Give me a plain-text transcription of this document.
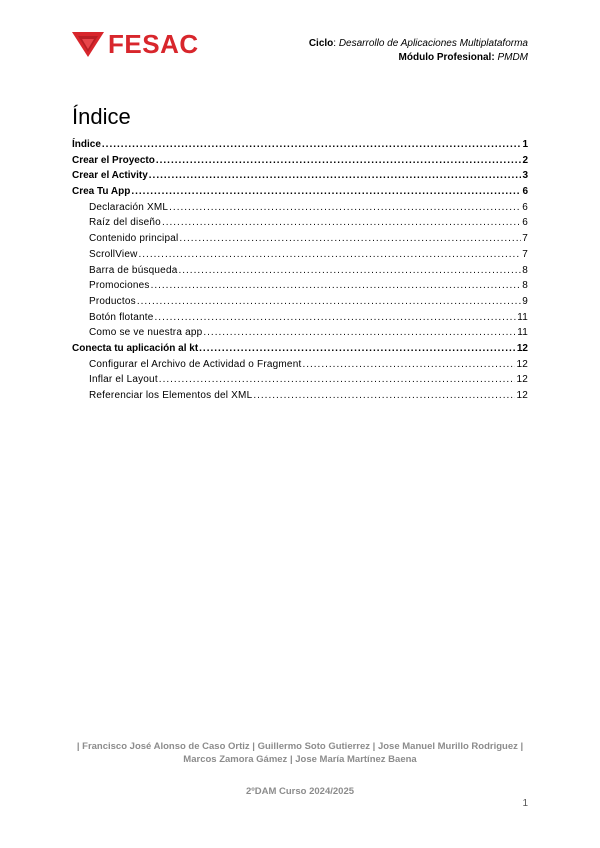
FESAC	Ciclo: Desarrollo de Aplicaciones Multiplataforma
Módulo Profesional: PMDM
Índice
Índice .....	1
Crear el Proyecto .....	2
Crear el Activity .....	3
Crea Tu App .....	6
Declaración XML .....	6
Raíz del diseño .....	6
Contenido principal .....	7
ScrollView .....	7
Barra de búsqueda .....	8
Promociones .....	8
Productos .....	9
Botón flotante .....	11
Como se ve nuestra app .....	11
Conecta tu aplicación al kt .....	12
Configurar el Archivo de Actividad o Fragment .....	12
Inflar el Layout .....	12
Referenciar los Elementos del XML .....	12
| Francisco José Alonso de Caso Ortiz | Guillermo Soto Gutierrez | Jose Manuel Murillo Rodriguez |
Marcos Zamora Gámez | Jose María Martínez Baena
2ºDAM Curso 2024/2025
1
